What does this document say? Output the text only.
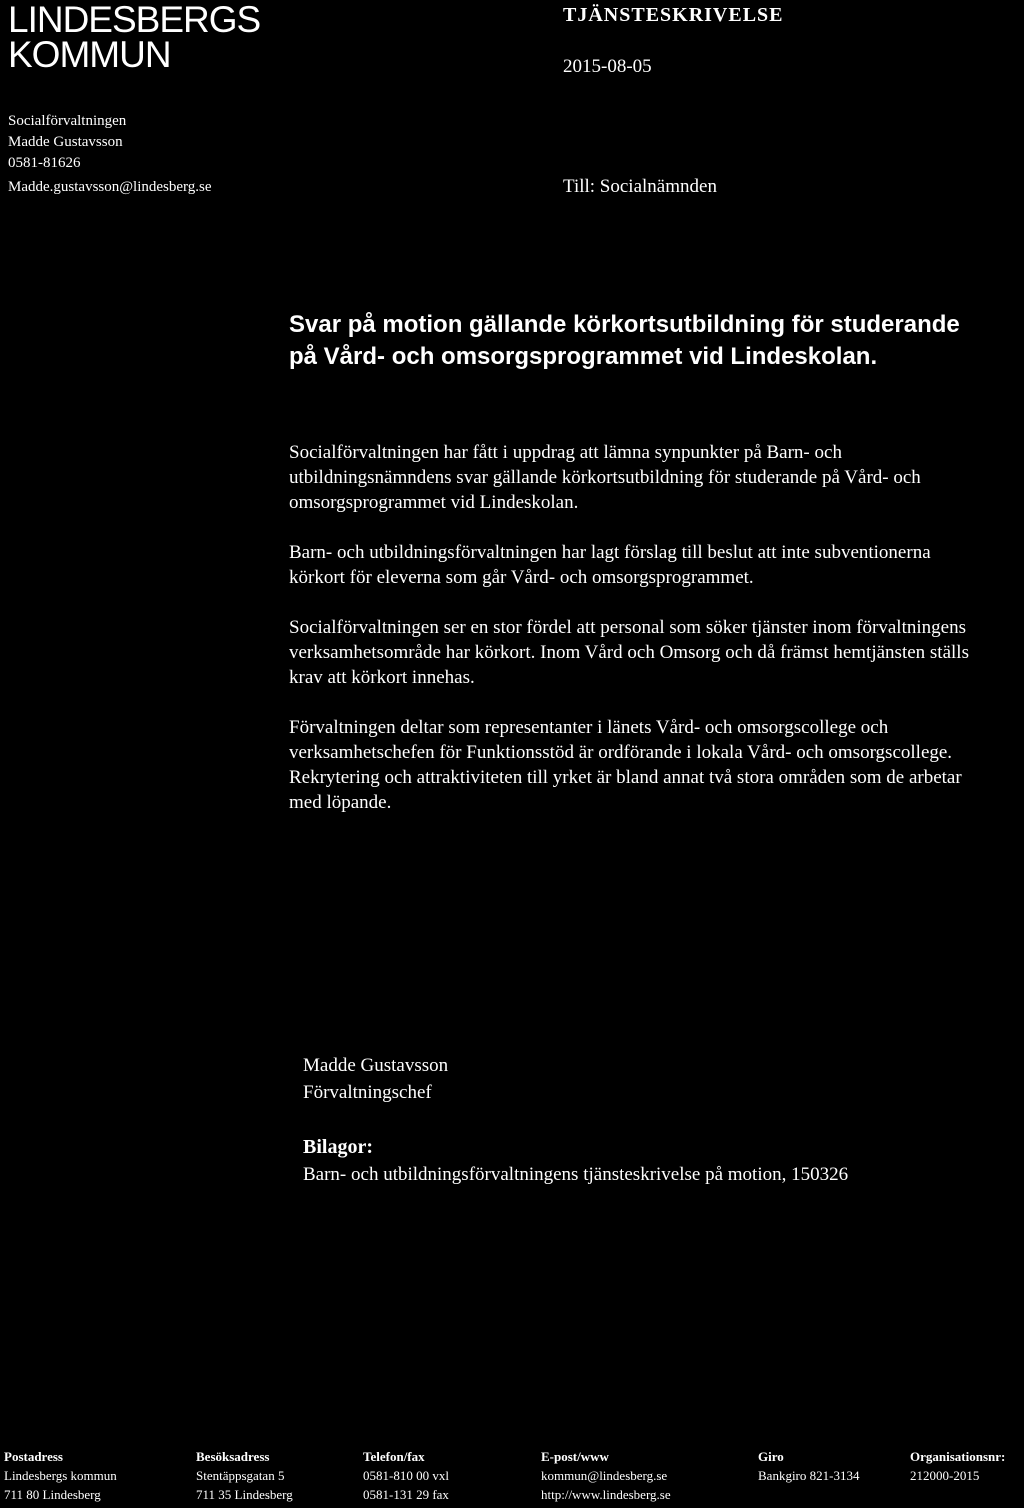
LINDESBERGS
KOMMUN
TJÄNSTESKRIVELSE
2015-08-05
Socialförvaltningen
Madde Gustavsson
0581-81626
Madde.gustavsson@lindesberg.se	Till: Socialnämnden
Svar på motion gällande körkortsutbildning för studerande på Vård- och omsorgsprogrammet vid Lindeskolan.

Socialförvaltningen har fått i uppdrag att lämna synpunkter på Barn- och utbildningsnämndens svar gällande körkortsutbildning för studerande på Vård- och omsorgsprogrammet vid Lindeskolan.

Barn- och utbildningsförvaltningen har lagt förslag till beslut att inte subventionerna körkort för eleverna som går Vård- och omsorgsprogrammet.

Socialförvaltningen ser en stor fördel att personal som söker tjänster inom förvaltningens verksamhetsområde har körkort. Inom Vård och Omsorg och då främst hemtjänsten ställs krav att körkort innehas.

Förvaltningen deltar som representanter i länets Vård- och omsorgscollege och verksamhetschefen för Funktionsstöd är ordförande i lokala Vård- och omsorgscollege. Rekrytering och attraktiviteten till yrket är bland annat två stora områden som de arbetar med löpande.

Madde Gustavsson
Förvaltningschef
Bilagor:
Barn- och utbildningsförvaltningens tjänsteskrivelse på motion, 150326
Postadress
Lindesbergs kommun
711 80 Lindesberg
Besöksadress
Stentäppsgatan 5
711 35 Lindesberg
Telefon/fax
0581-810 00 vxl
0581-131 29 fax
E-post/www
kommun@lindesberg.se
http://www.lindesberg.se
Giro
Bankgiro 821-3134
Organisationsnr:
212000-2015
